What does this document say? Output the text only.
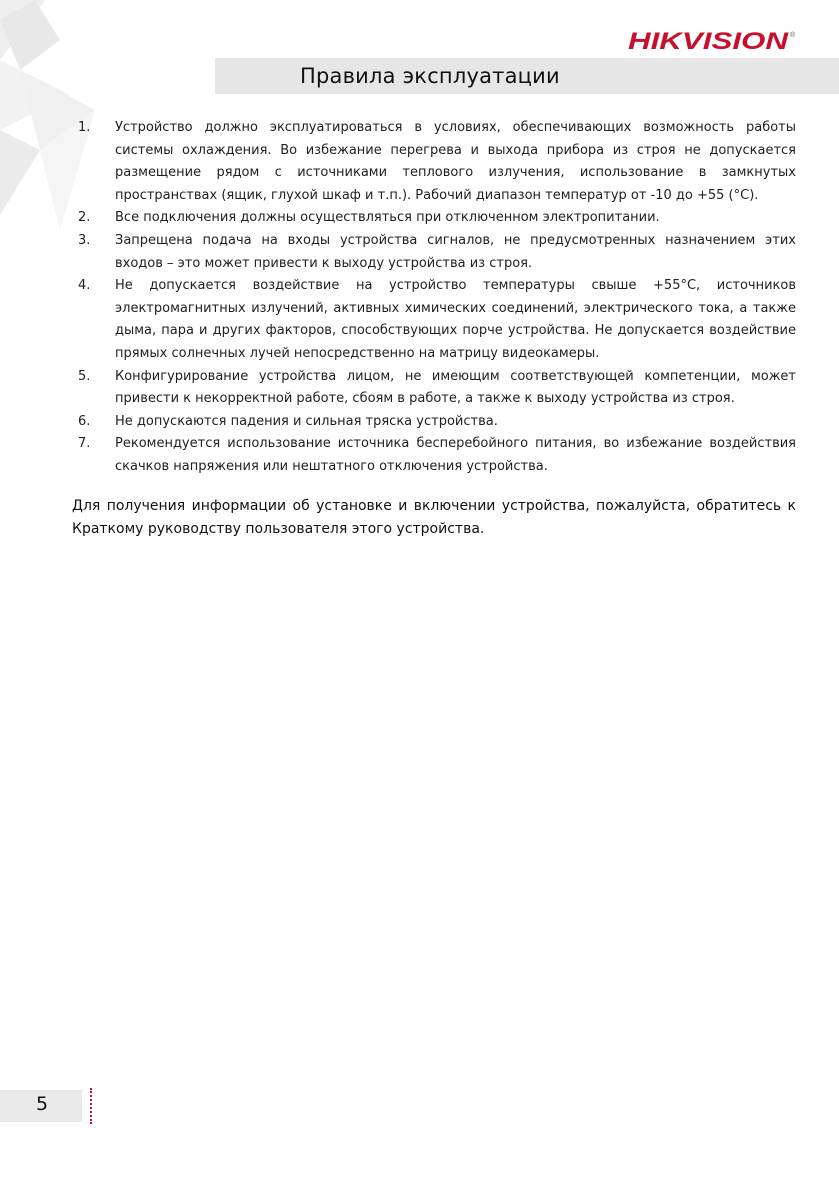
HIKVISION ®
Правила эксплуатации
1. Устройство должно эксплуатироваться в условиях, обеспечивающих возможность работы системы охлаждения. Во избежание перегрева и выхода прибора из строя не допускается размещение рядом с источниками теплового излучения, использование в замкнутых пространствах (ящик, глухой шкаф и т.п.). Рабочий диапазон температур от -10 до +55 (°С).
2. Все подключения должны осуществляться при отключенном электропитании.
3. Запрещена подача на входы устройства сигналов, не предусмотренных назначением этих входов – это может привести к выходу устройства из строя.
4. Не допускается воздействие на устройство температуры свыше +55°С, источников электромагнитных излучений, активных химических соединений, электрического тока, а также дыма, пара и других факторов, способствующих порче устройства. Не допускается воздействие прямых солнечных лучей непосредственно на матрицу видеокамеры.
5. Конфигурирование устройства лицом, не имеющим соответствующей компетенции, может привести к некорректной работе, сбоям в работе, а также к выходу устройства из строя.
6. Не допускаются падения и сильная тряска устройства.
7. Рекомендуется использование источника бесперебойного питания, во избежание воздействия скачков напряжения или нештатного отключения устройства.

Для получения информации об установке и включении устройства, пожалуйста, обратитесь к Краткому руководству пользователя этого устройства.

5
